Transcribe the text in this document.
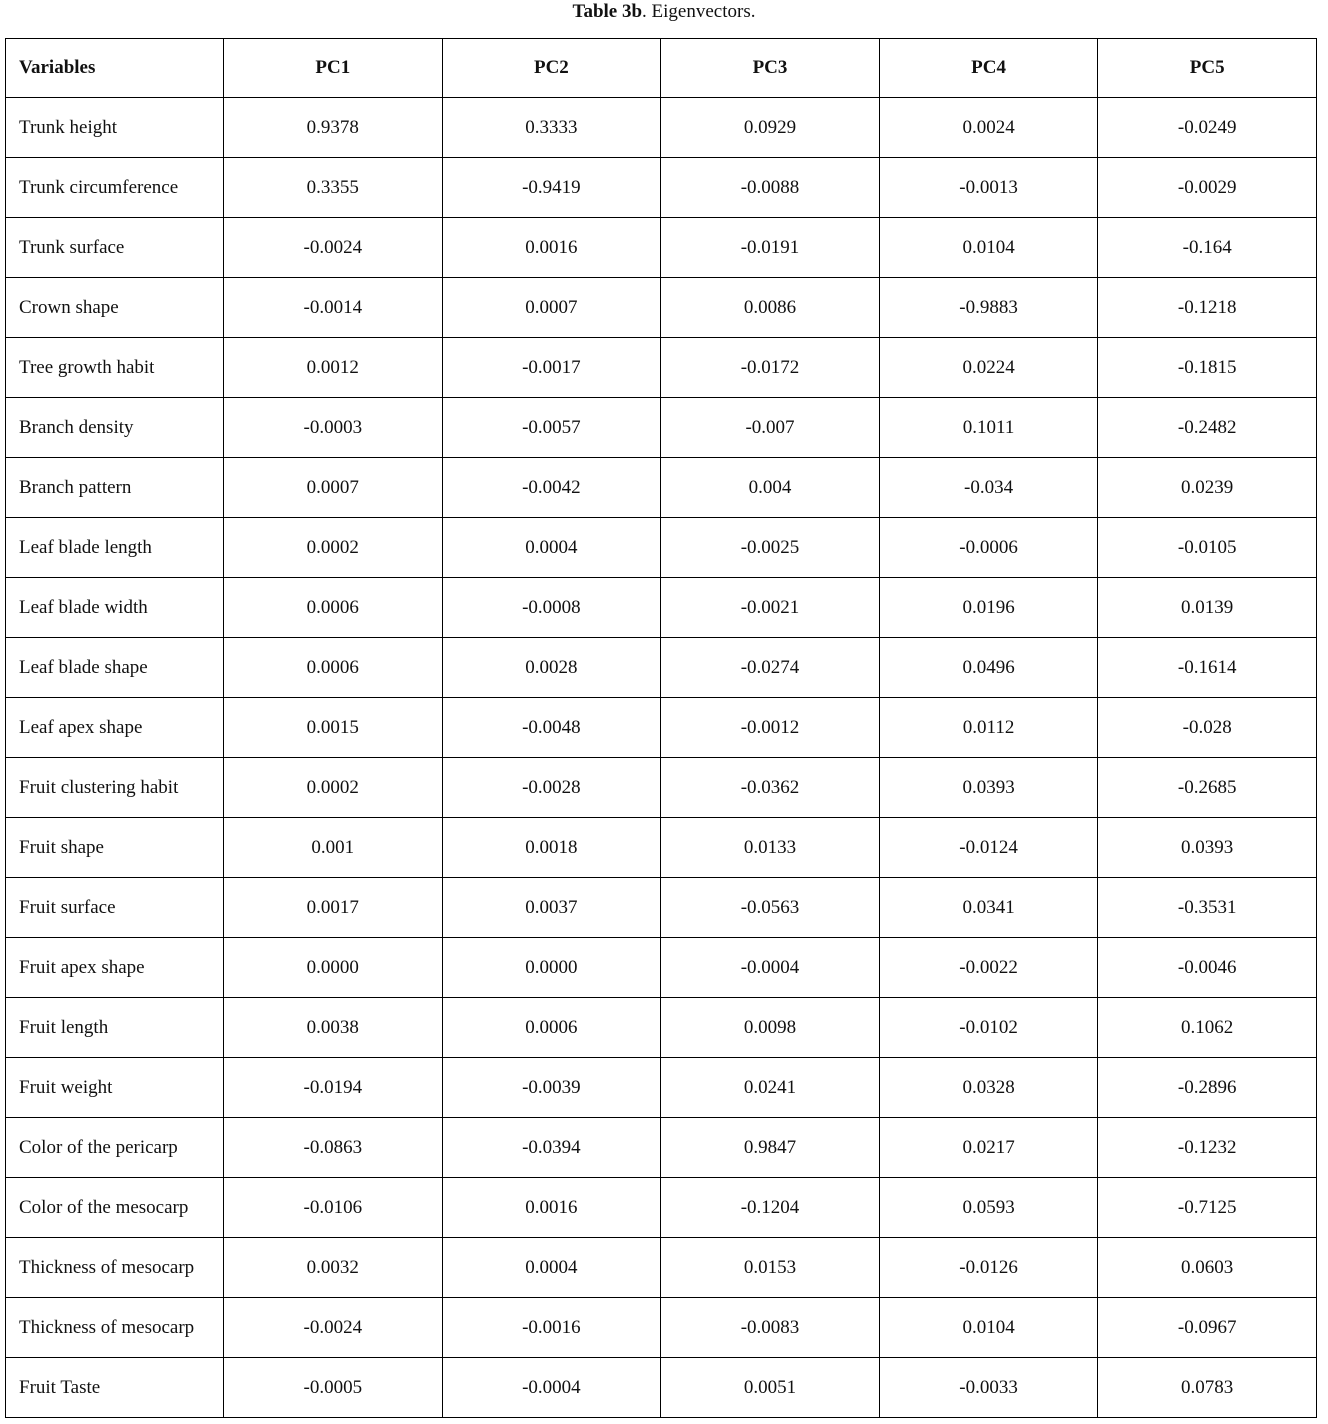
Table 3b. Eigenvectors.
Variables	PC1	PC2	PC3	PC4	PC5
Trunk height	0.9378	0.3333	0.0929	0.0024	-0.0249
Trunk circumference	0.3355	-0.9419	-0.0088	-0.0013	-0.0029
Trunk surface	-0.0024	0.0016	-0.0191	0.0104	-0.164
Crown shape	-0.0014	0.0007	0.0086	-0.9883	-0.1218
Tree growth habit	0.0012	-0.0017	-0.0172	0.0224	-0.1815
Branch density	-0.0003	-0.0057	-0.007	0.1011	-0.2482
Branch pattern	0.0007	-0.0042	0.004	-0.034	0.0239
Leaf blade length	0.0002	0.0004	-0.0025	-0.0006	-0.0105
Leaf blade width	0.0006	-0.0008	-0.0021	0.0196	0.0139
Leaf blade shape	0.0006	0.0028	-0.0274	0.0496	-0.1614
Leaf apex shape	0.0015	-0.0048	-0.0012	0.0112	-0.028
Fruit clustering habit	0.0002	-0.0028	-0.0362	0.0393	-0.2685
Fruit shape	0.001	0.0018	0.0133	-0.0124	0.0393
Fruit surface	0.0017	0.0037	-0.0563	0.0341	-0.3531
Fruit apex shape	0.0000	0.0000	-0.0004	-0.0022	-0.0046
Fruit length	0.0038	0.0006	0.0098	-0.0102	0.1062
Fruit weight	-0.0194	-0.0039	0.0241	0.0328	-0.2896
Color of the pericarp	-0.0863	-0.0394	0.9847	0.0217	-0.1232
Color of the mesocarp	-0.0106	0.0016	-0.1204	0.0593	-0.7125
Thickness of mesocarp	0.0032	0.0004	0.0153	-0.0126	0.0603
Thickness of mesocarp	-0.0024	-0.0016	-0.0083	0.0104	-0.0967
Fruit Taste	-0.0005	-0.0004	0.0051	-0.0033	0.0783
